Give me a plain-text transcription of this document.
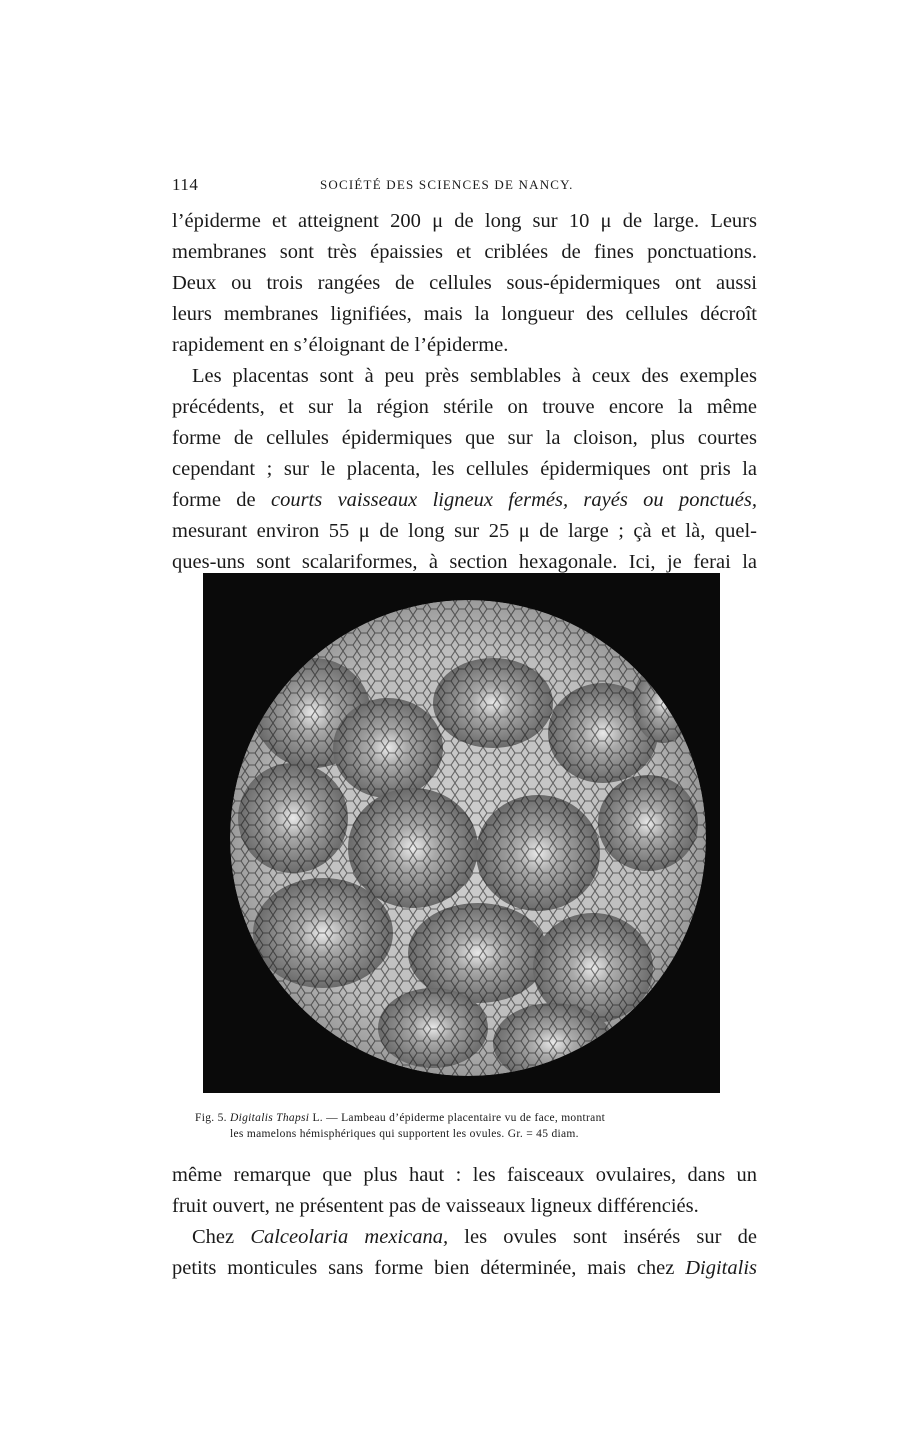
114	SOCIÉTÉ DES SCIENCES DE NANCY.

l’épiderme et atteignent 200 μ de long sur 10 μ de large. Leurs
membranes sont très épaissies et criblées de fines ponctuations.
Deux ou trois rangées de cellules sous-épidermiques ont aussi
leurs membranes lignifiées, mais la longueur des cellules décroît
rapidement en s’éloignant de l’épiderme.

Les placentas sont à peu près semblables à ceux des exemples
précédents, et sur la région stérile on trouve encore la même
forme de cellules épidermiques que sur la cloison, plus courtes
cependant ; sur le placenta, les cellules épidermiques ont pris la
forme de courts vaisseaux ligneux fermés, rayés ou ponctués,
mesurant environ 55 μ de long sur 25 μ de large ; çà et là, quel-
ques-uns sont scalariformes, à section hexagonale. Ici, je ferai la

Fig. 5. Digitalis Thapsi L. — Lambeau d’épiderme placentaire vu de face, montrant
les mamelons hémisphériques qui supportent les ovules. Gr. = 45 diam.

même remarque que plus haut : les faisceaux ovulaires, dans un
fruit ouvert, ne présentent pas de vaisseaux ligneux différenciés.

Chez Calceolaria mexicana, les ovules sont insérés sur de
petits monticules sans forme bien déterminée, mais chez Digitalis
